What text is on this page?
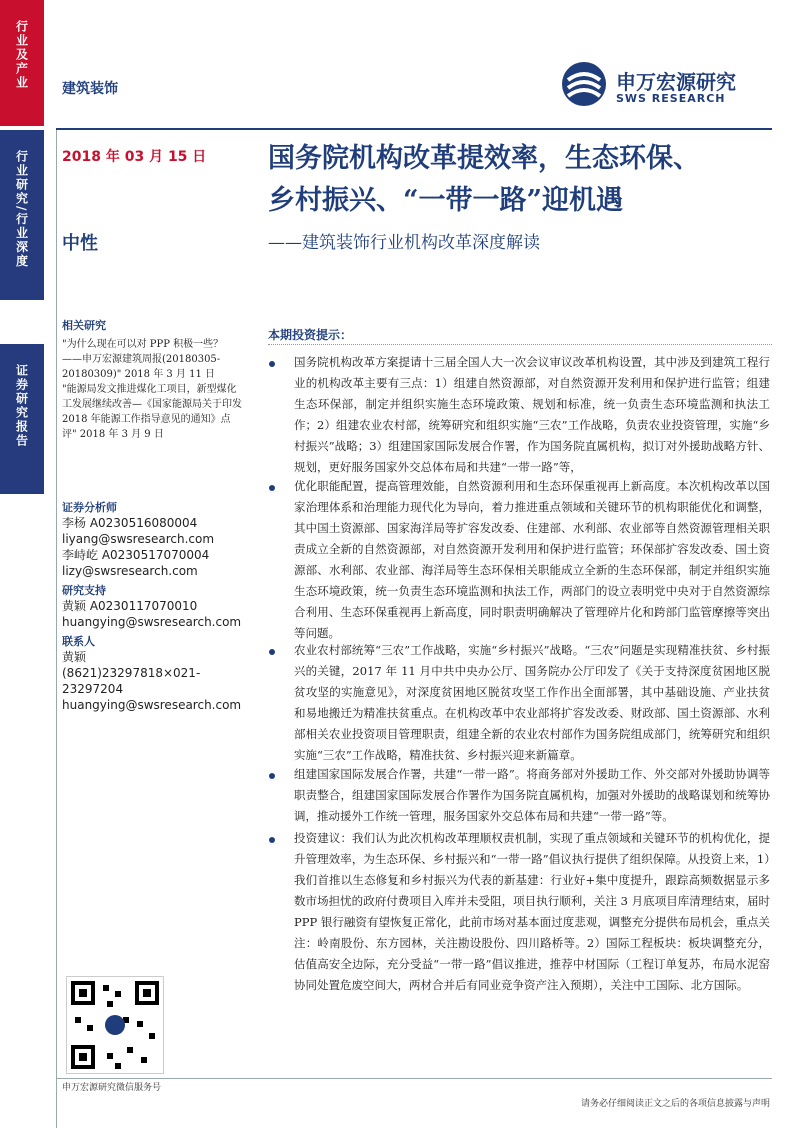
行业及产业
行业研究/行业深度
证券研究报告
建筑装饰	申万宏源研究
SWS RESEARCH
2018 年 03 月 15 日 国务院机构改革提效率，生态环保、
乡村振兴、“一带一路”迎机遇
——建筑装饰行业机构改革深度解读
中性
相关研究
"为什么现在可以对 PPP 积极一些？——申万宏源建筑周报(20180305-20180309)" 2018 年 3 月 11 日
"能源局发文推进煤化工项目，新型煤化工发展继续改善—《国家能源局关于印发 2018 年能源工作指导意见的通知》点评" 2018 年 3 月 9 日
证券分析师
李杨 A0230516080004
liyang@swsresearch.com
李峙屹 A0230517070004
lizy@swsresearch.com
研究支持
黄颖 A0230117070010
huangying@swsresearch.com
联系人
黄颖
(8621)23297818×021-23297204
huangying@swsresearch.com
本期投资提示：
国务院机构改革方案提请十三届全国人大一次会议审议改革机构设置，其中涉及到建筑工程行业的机构改革主要有三点：1）组建自然资源部，对自然资源开发利用和保护进行监管；组建生态环保部，制定并组织实施生态环境政策、规划和标准，统一负责生态环境监测和执法工作；2）组建农业农村部，统筹研究和组织实施“三农”工作战略，负责农业投资管理，实施“乡村振兴”战略；3）组建国家国际发展合作署，作为国务院直属机构，拟订对外援助战略方针、规划，更好服务国家外交总体布局和共建“一带一路”等，
优化职能配置，提高管理效能，自然资源利用和生态环保重视再上新高度。本次机构改革以国家治理体系和治理能力现代化为导向，着力推进重点领域和关键环节的机构职能优化和调整，其中国土资源部、国家海洋局等扩容发改委、住建部、水利部、农业部等自然资源管理相关职责成立全新的自然资源部，对自然资源开发利用和保护进行监管；环保部扩容发改委、国土资源部、水利部、农业部、海洋局等生态环保相关职能成立全新的生态环保部，制定并组织实施生态环境政策，统一负责生态环境监测和执法工作，两部门的设立表明党中央对于自然资源综合利用、生态环保重视再上新高度，同时职责明确解决了管理碎片化和跨部门监管摩擦等突出等问题。
农业农村部统筹“三农”工作战略，实施“乡村振兴”战略。“三农”问题是实现精准扶贫、乡村振兴的关键，2017 年 11 月中共中央办公厅、国务院办公厅印发了《关于支持深度贫困地区脱贫攻坚的实施意见》，对深度贫困地区脱贫攻坚工作作出全面部署，其中基础设施、产业扶贫和易地搬迁为精准扶贫重点。在机构改革中农业部将扩容发改委、财政部、国土资源部、水利部相关农业投资项目管理职责，组建全新的农业农村部作为国务院组成部门，统筹研究和组织实施“三农”工作战略，精准扶贫、乡村振兴迎来新篇章。
组建国家国际发展合作署，共建“一带一路”。将商务部对外援助工作、外交部对外援助协调等职责整合，组建国家国际发展合作署作为国务院直属机构，加强对外援助的战略谋划和统筹协调，推动援外工作统一管理，服务国家外交总体布局和共建“一带一路”等。
投资建议：我们认为此次机构改革理顺权责机制，实现了重点领域和关键环节的机构优化，提升管理效率，为生态环保、乡村振兴和“一带一路”倡议执行提供了组织保障。从投资上来，1）我们首推以生态修复和乡村振兴为代表的新基建：行业好+集中度提升，跟踪高频数据显示多数市场担忧的政府付费项目入库并未受阻，项目执行顺利，关注 3 月底项目库清理结束，届时 PPP 银行融资有望恢复正常化，此前市场对基本面过度悲观，调整充分提供布局机会，重点关注：岭南股份、东方园林，关注勘设股份、四川路桥等。2）国际工程板块：板块调整充分，估值高安全边际，充分受益“一带一路”倡议推进，推荐中材国际（工程订单复苏，布局水泥窑协同处置危废空间大，两材合并后有同业竞争资产注入预期），关注中工国际、北方国际。
申万宏源研究微信服务号
请务必仔细阅读正文之后的各项信息披露与声明
